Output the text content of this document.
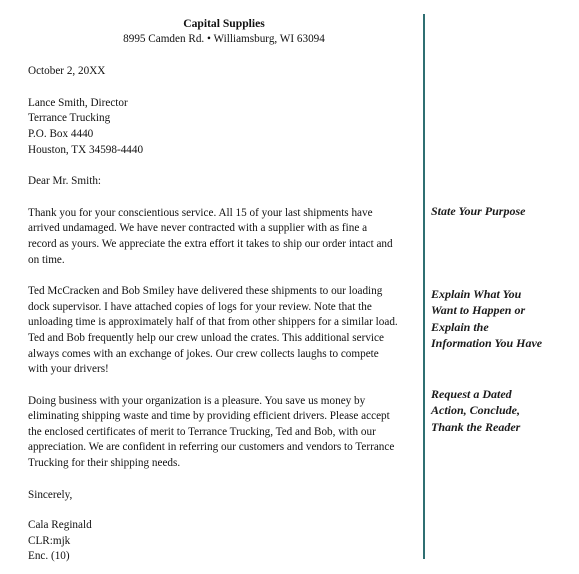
Capital Supplies
8995 Camden Rd. • Williamsburg, WI 63094
October 2, 20XX
Lance Smith, Director
Terrance Trucking
P.O. Box 4440
Houston, TX 34598-4440
Dear Mr. Smith:
Thank you for your conscientious service. All 15 of your last shipments have
arrived undamaged. We have never contracted with a supplier with as fine a
record as yours. We appreciate the extra effort it takes to ship our order intact and
on time.
Ted McCracken and Bob Smiley have delivered these shipments to our loading
dock supervisor. I have attached copies of logs for your review. Note that the
unloading time is approximately half of that from other shippers for a similar load.
Ted and Bob frequently help our crew unload the crates. This additional service
always comes with an exchange of jokes. Our crew collects laughs to compete
with your drivers!
Doing business with your organization is a pleasure. You save us money by
eliminating shipping waste and time by providing efficient drivers. Please accept
the enclosed certificates of merit to Terrance Trucking, Ted and Bob, with our
appreciation. We are confident in referring our customers and vendors to Terrance
Trucking for their shipping needs.
Sincerely,
Cala Reginald
CLR:mjk
Enc. (10)
State Your Purpose
Explain What You
Want to Happen or
Explain the
Information You Have
Request a Dated
Action, Conclude,
Thank the Reader
